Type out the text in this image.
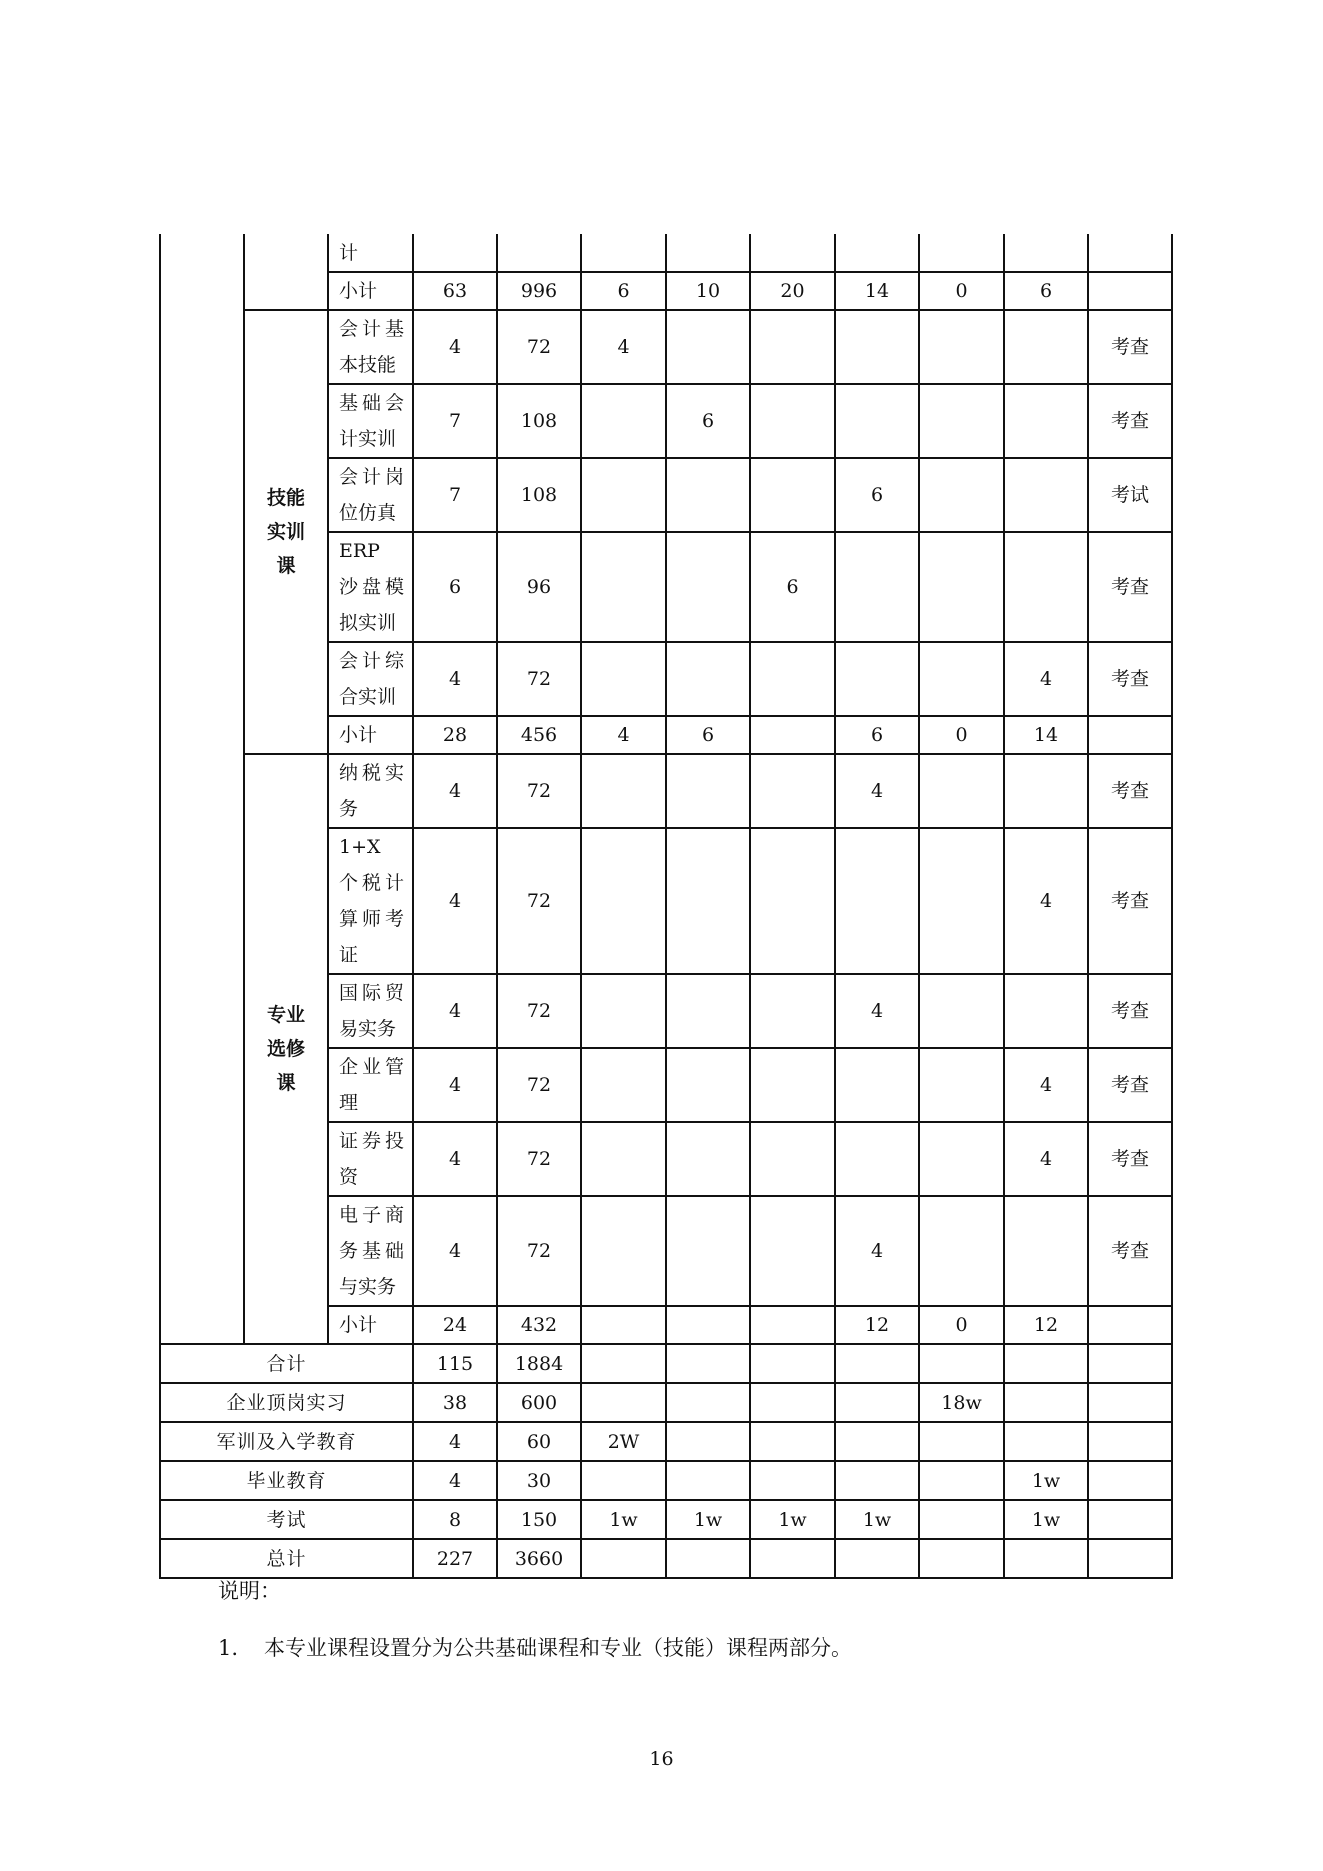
		计									

		小计	63	996	6	10	20	14	0	6	
	技能实训课	会计基本技能	4	72	4						考查

		基础会计实训	7	108		6					考查

		会计岗位仿真	7	108				6			考试

		ERP 沙盘模拟实训	6	96			6				考查

		会计综合实训	4	72						4	考查

		小计	28	456	4	6		6	0	14	
	专业选修课	纳税实务	4	72				4			考查

		1+X 个税计算师考证	4	72						4	考查

		国际贸易实务	4	72				4			考查

		企业管理	4	72						4	考查

		证券投资	4	72						4	考查

		电子商务基础与实务	4	72				4			考查

		小计	24	432				12	0	12	
合计			115	1884							
企业顶岗实习			38	600					18w		
军训及入学教育			4	60	2W						
毕业教育			4	30						1w	
考试			8	150	1w	1w	1w	1w		1w	
总计			227	3660							

说明：

1. 本专业课程设置分为公共基础课程和专业（技能）课程两部分。

16
